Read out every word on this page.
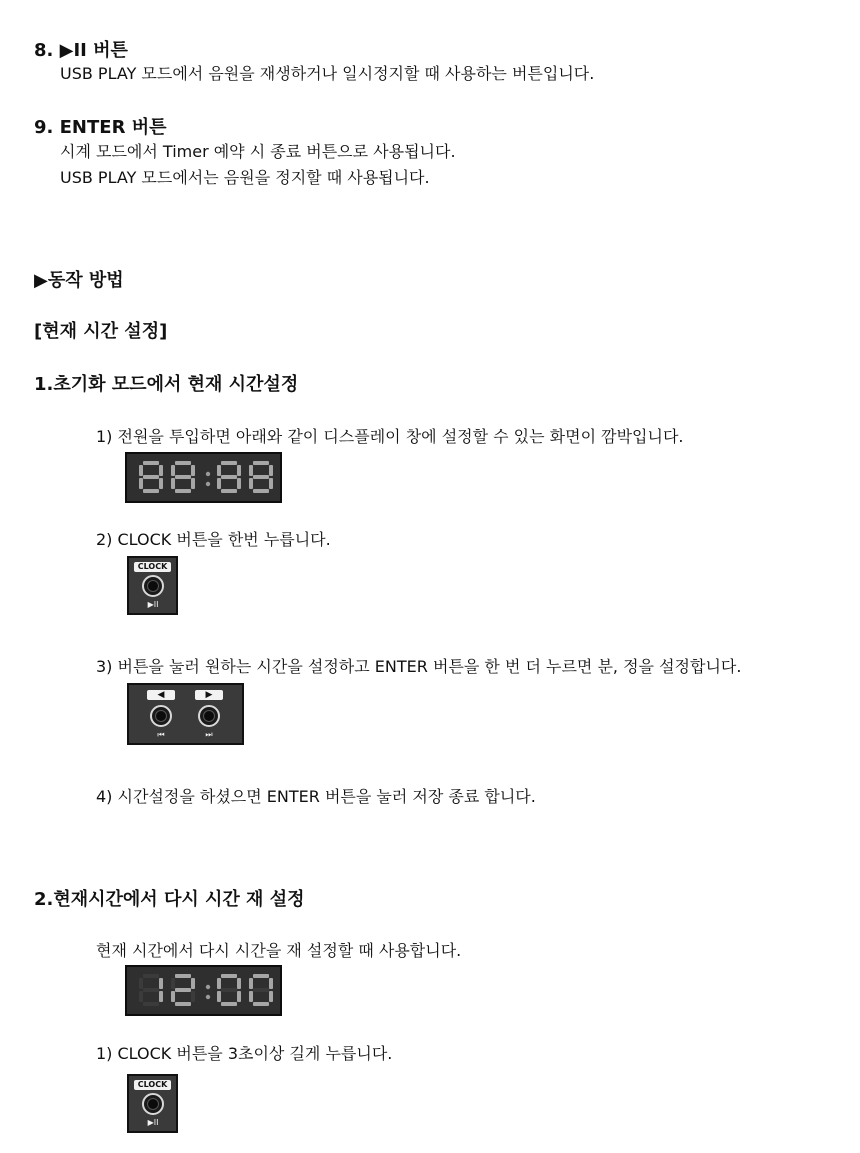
8. ▶II 버튼
USB PLAY 모드에서 음원을 재생하거나 일시정지할 때 사용하는 버튼입니다.
9. ENTER 버튼
시계 모드에서 Timer 예약 시 종료 버튼으로 사용됩니다.
USB PLAY 모드에서는 음원을 정지할 때 사용됩니다.
▶동작 방법
[현재 시간 설정]
1.초기화 모드에서 현재 시간설정
1) 전원을 투입하면 아래와 같이 디스플레이 창에 설정할 수 있는 화면이 깜박입니다.
2) CLOCK 버튼을 한번 누릅니다.
CLOCK
▶II
3) 버튼을 눌러 원하는 시간을 설정하고 ENTER 버튼을 한 번 더 누르면 분, 정을 설정합니다.
◀	▶
⏮	⏭
4) 시간설정을 하셨으면 ENTER 버튼을 눌러 저장 종료 합니다.
2.현재시간에서 다시 시간 재 설정
현재 시간에서 다시 시간을 재 설정할 때 사용합니다.
1) CLOCK 버튼을 3초이상 길게 누릅니다.
CLOCK
▶II
